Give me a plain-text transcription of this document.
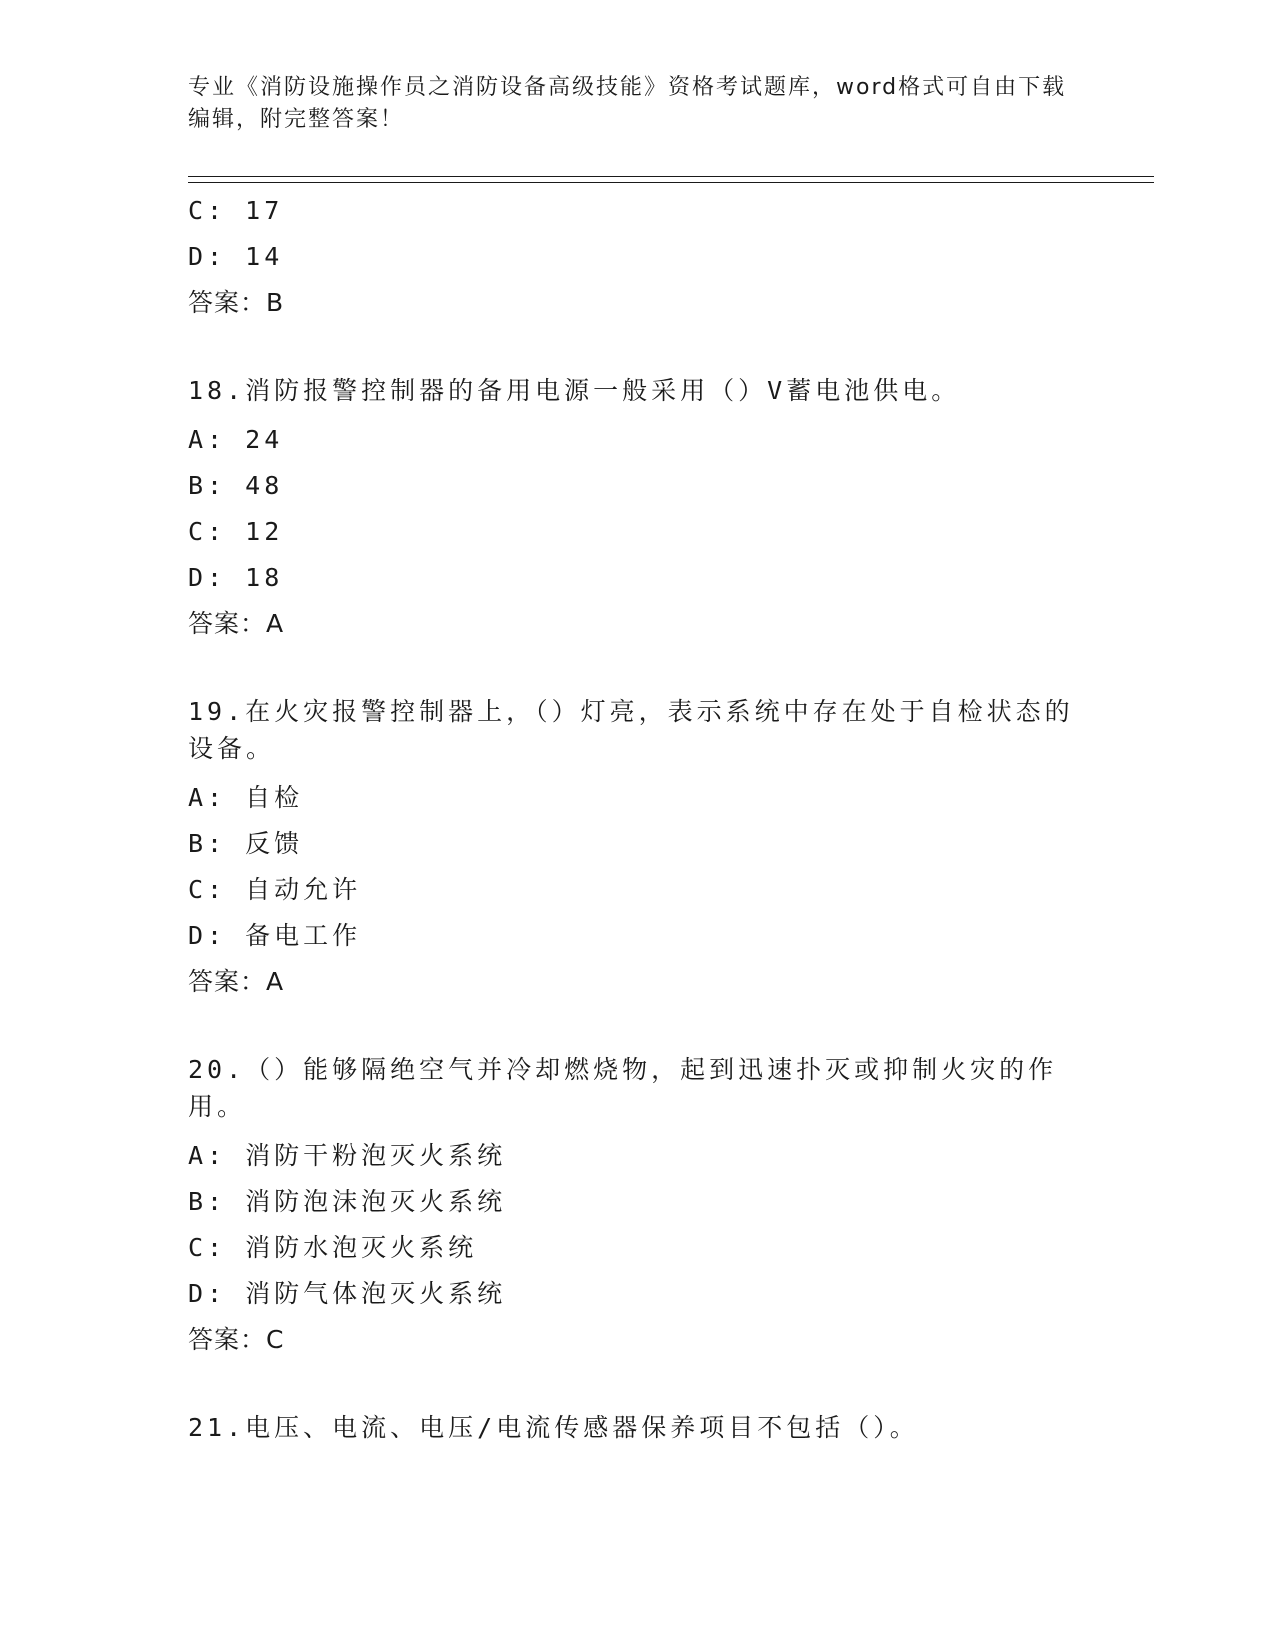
专业《消防设施操作员之消防设备高级技能》资格考试题库，word格式可自由下载编辑，附完整答案！
C: 17
D: 14
答案：B
18.消防报警控制器的备用电源一般采用（）V蓄电池供电。
A: 24
B: 48
C: 12
D: 18
答案：A
19.在火灾报警控制器上，（）灯亮，表示系统中存在处于自检状态的设备。
A: 自检
B: 反馈
C: 自动允许
D: 备电工作
答案：A
20.（）能够隔绝空气并冷却燃烧物，起到迅速扑灭或抑制火灾的作用。
A: 消防干粉泡灭火系统
B: 消防泡沫泡灭火系统
C: 消防水泡灭火系统
D: 消防气体泡灭火系统
答案：C
21.电压、电流、电压/电流传感器保养项目不包括（）。
